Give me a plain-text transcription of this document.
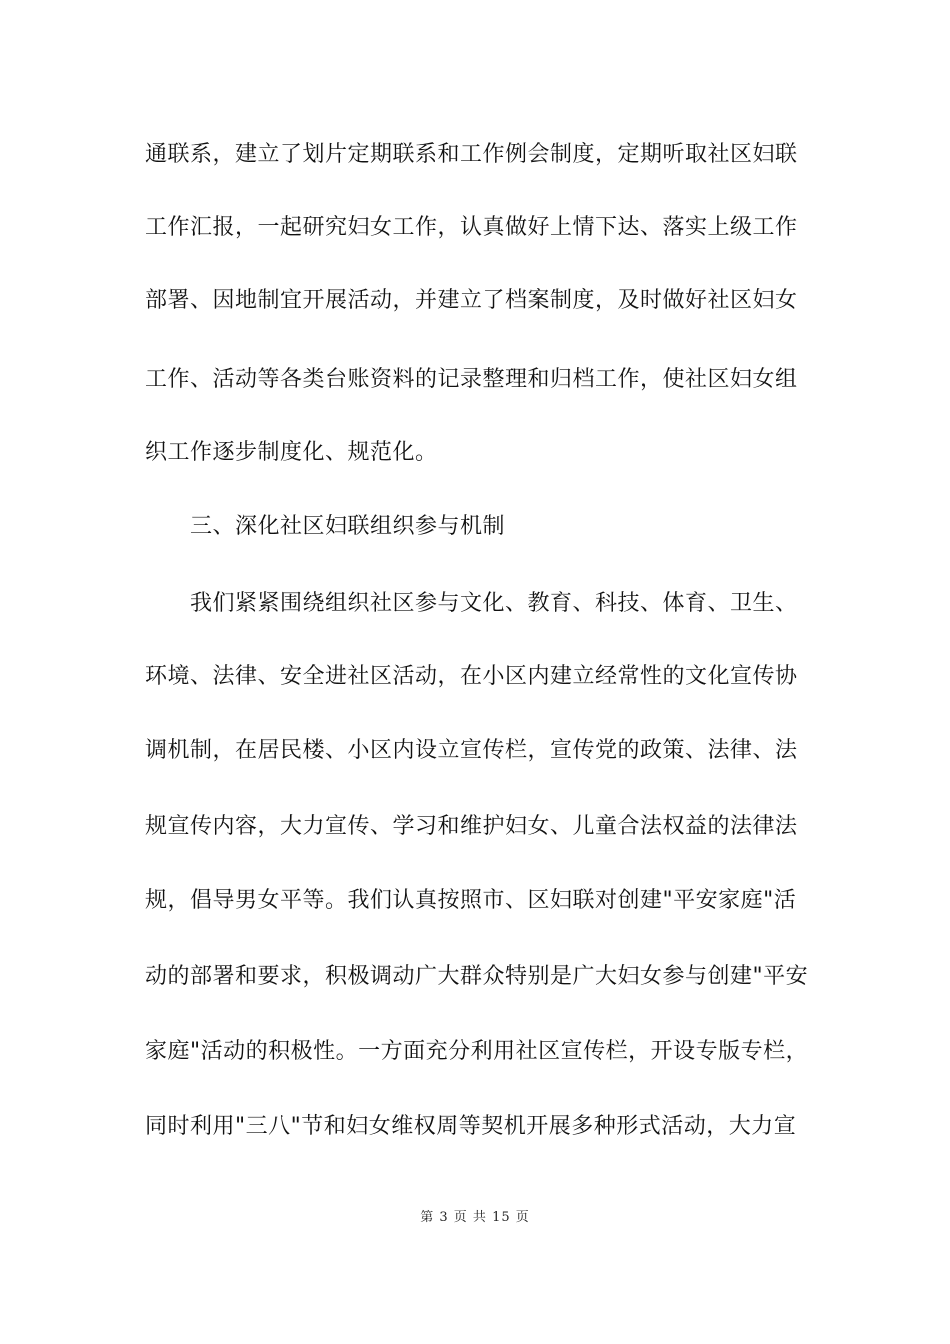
通联系，建立了划片定期联系和工作例会制度，定期听取社区妇联
工作汇报，一起研究妇女工作，认真做好上情下达、落实上级工作
部署、因地制宜开展活动，并建立了档案制度，及时做好社区妇女
工作、活动等各类台账资料的记录整理和归档工作，使社区妇女组
织工作逐步制度化、规范化。
三、深化社区妇联组织参与机制
我们紧紧围绕组织社区参与文化、教育、科技、体育、卫生、
环境、法律、安全进社区活动，在小区内建立经常性的文化宣传协
调机制，在居民楼、小区内设立宣传栏，宣传党的政策、法律、法
规宣传内容，大力宣传、学习和维护妇女、儿童合法权益的法律法
规，倡导男女平等。我们认真按照市、区妇联对创建"平安家庭"活
动的部署和要求，积极调动广大群众特别是广大妇女参与创建"平安
家庭"活动的积极性。一方面充分利用社区宣传栏，开设专版专栏，
同时利用"三八"节和妇女维权周等契机开展多种形式活动，大力宣
第 3 页 共 15 页
